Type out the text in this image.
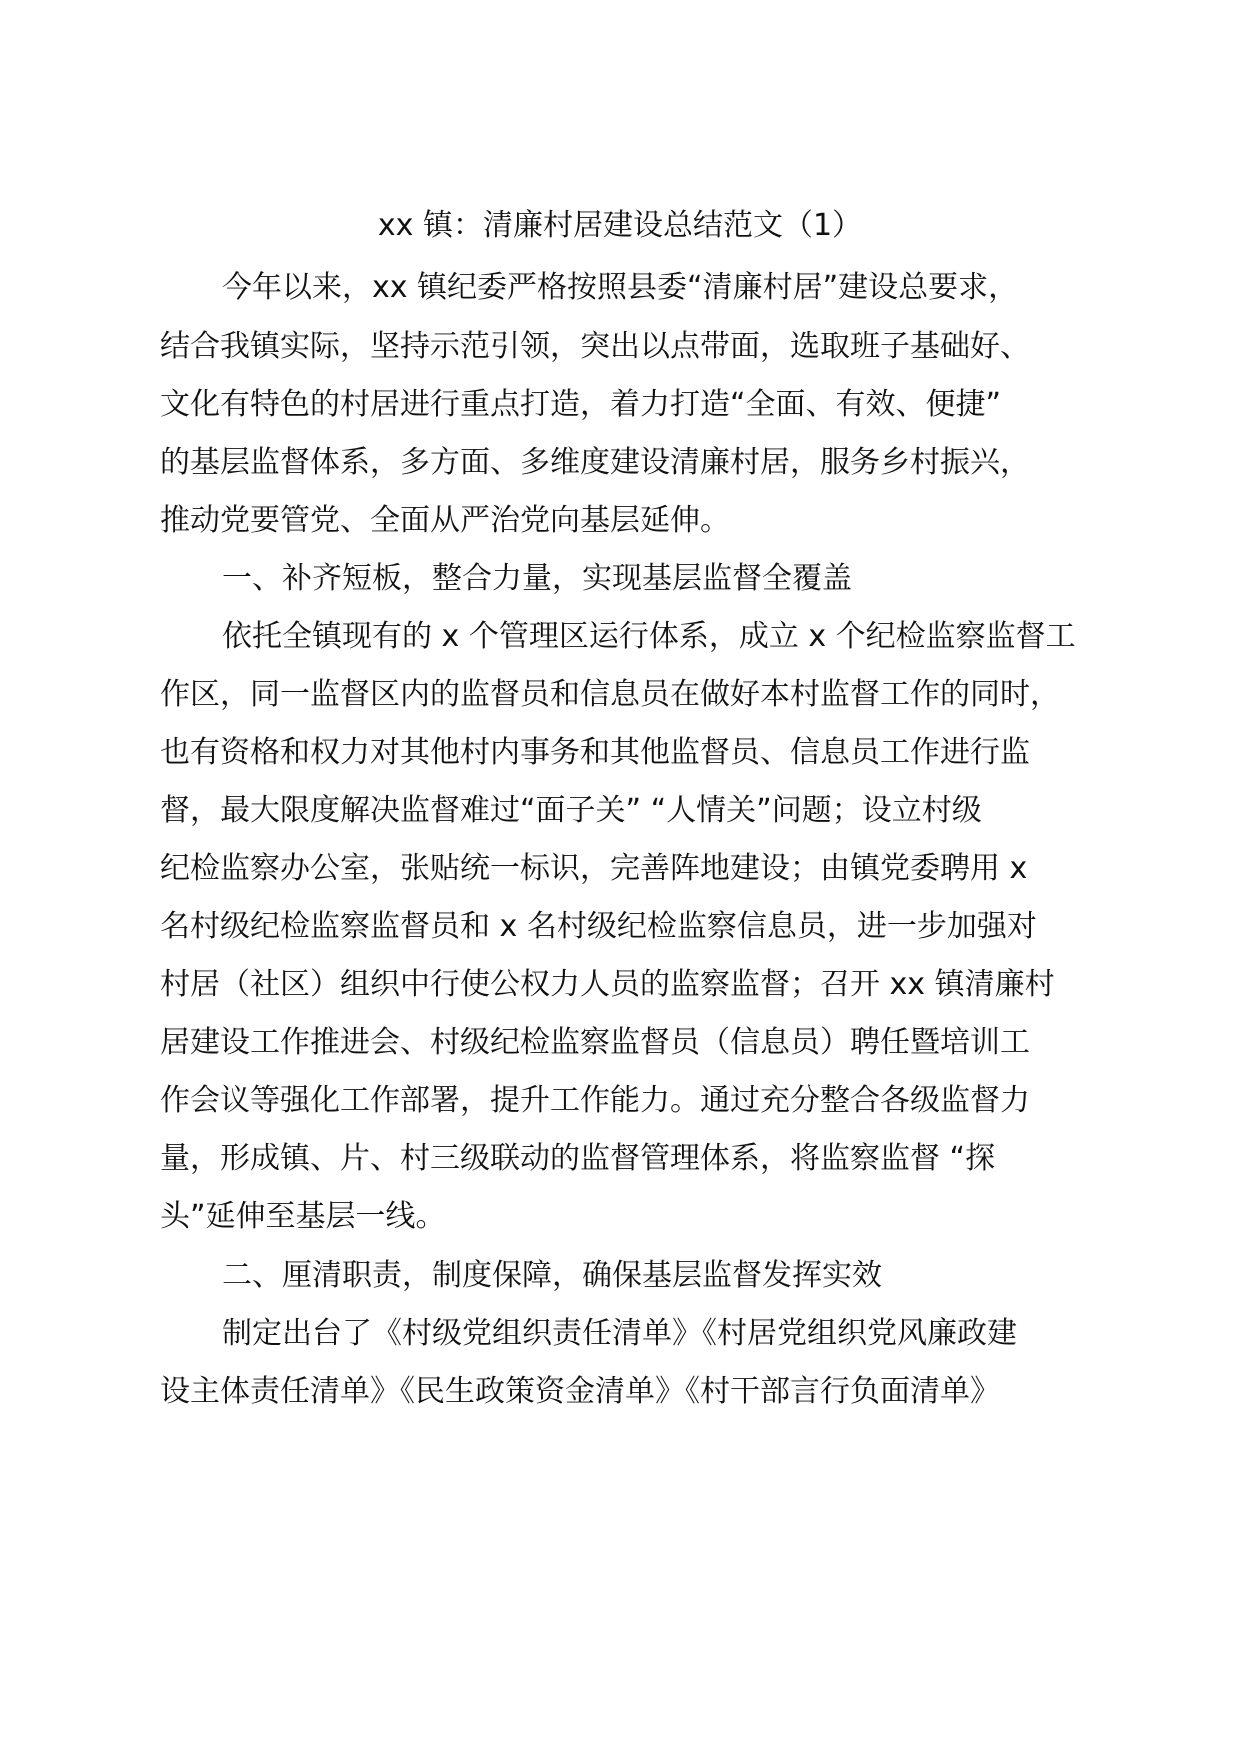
xx 镇：清廉村居建设总结范文（1）
今年以来，xx 镇纪委严格按照县委“清廉村居”建设总要求，
结合我镇实际，坚持示范引领，突出以点带面，选取班子基础好、
文化有特色的村居进行重点打造，着力打造“全面、有效、便捷”
的基层监督体系，多方面、多维度建设清廉村居，服务乡村振兴，
推动党要管党、全面从严治党向基层延伸。
一、补齐短板，整合力量，实现基层监督全覆盖
依托全镇现有的 x 个管理区运行体系，成立 x 个纪检监察监督工
作区，同一监督区内的监督员和信息员在做好本村监督工作的同时，
也有资格和权力对其他村内事务和其他监督员、信息员工作进行监
督，最大限度解决监督难过“面子关” “人情关”问题；设立村级
纪检监察办公室，张贴统一标识，完善阵地建设；由镇党委聘用 x
名村级纪检监察监督员和 x 名村级纪检监察信息员，进一步加强对
村居（社区）组织中行使公权力人员的监察监督；召开 xx 镇清廉村
居建设工作推进会、村级纪检监察监督员（信息员）聘任暨培训工
作会议等强化工作部署，提升工作能力。通过充分整合各级监督力
量，形成镇、片、村三级联动的监督管理体系，将监察监督 “探
头”延伸至基层一线。
二、厘清职责，制度保障，确保基层监督发挥实效
制定出台了《村级党组织责任清单》《村居党组织党风廉政建
设主体责任清单》《民生政策资金清单》《村干部言行负面清单》
